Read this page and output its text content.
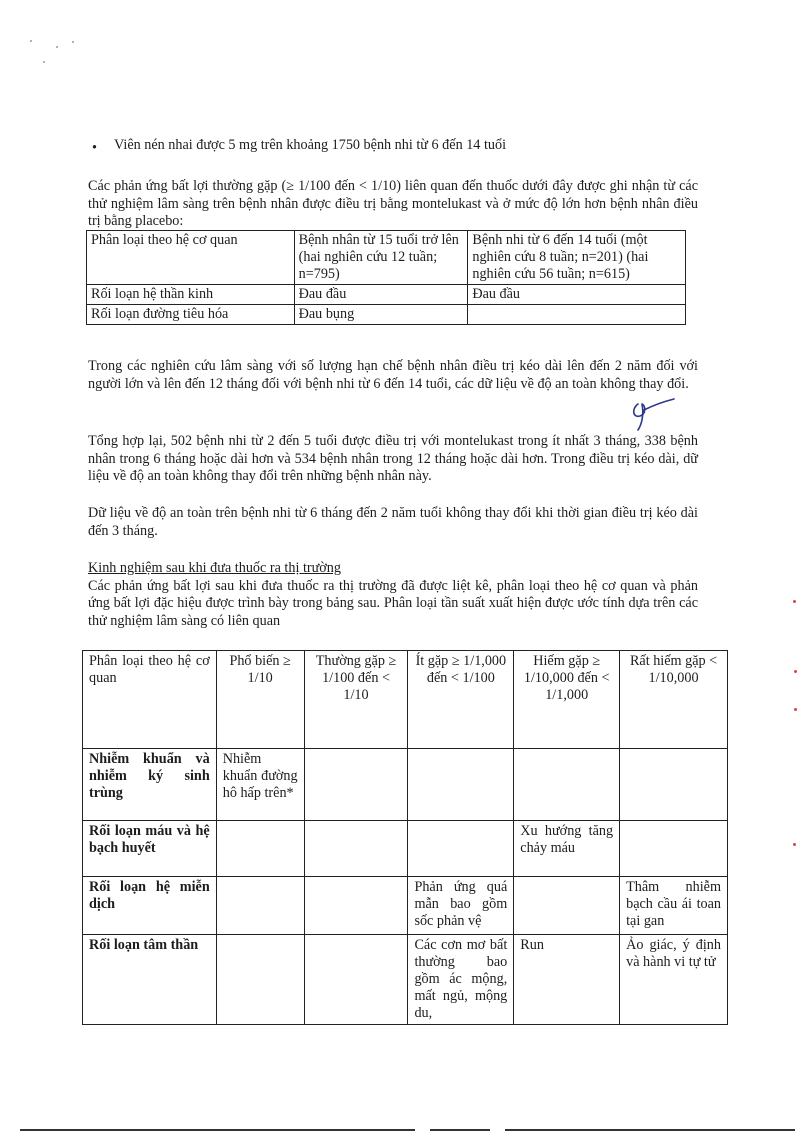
• Viên nén nhai được 5 mg trên khoảng 1750 bệnh nhi từ 6 đến 14 tuổi
Các phản ứng bất lợi thường gặp (≥ 1/100 đến < 1/10) liên quan đến thuốc dưới đây được ghi nhận từ các thử nghiệm lâm sàng trên bệnh nhân được điều trị bằng montelukast và ở mức độ lớn hơn bệnh nhân điều trị bằng placebo:
Phân loại theo hệ cơ quan	Bệnh nhân từ 15 tuổi trở lên (hai nghiên cứu 12 tuần; n=795)	Bệnh nhi từ 6 đến 14 tuổi (một nghiên cứu 8 tuần; n=201) (hai nghiên cứu 56 tuần; n=615)
Rối loạn hệ thần kinh	Đau đầu	Đau đầu
Rối loạn đường tiêu hóa	Đau bụng	
Trong các nghiên cứu lâm sàng với số lượng hạn chế bệnh nhân điều trị kéo dài lên đến 2 năm đối với người lớn và lên đến 12 tháng đối với bệnh nhi từ 6 đến 14 tuổi, các dữ liệu về độ an toàn không thay đổi.
Tổng hợp lại, 502 bệnh nhi từ 2 đến 5 tuổi được điều trị với montelukast trong ít nhất 3 tháng, 338 bệnh nhân trong 6 tháng hoặc dài hơn và 534 bệnh nhân trong 12 tháng hoặc dài hơn. Trong điều trị kéo dài, dữ liệu về độ an toàn không thay đổi trên những bệnh nhân này.
Dữ liệu về độ an toàn trên bệnh nhi từ 6 tháng đến 2 năm tuổi không thay đổi khi thời gian điều trị kéo dài đến 3 tháng.
Kinh nghiệm sau khi đưa thuốc ra thị trường
Các phản ứng bất lợi sau khi đưa thuốc ra thị trường đã được liệt kê, phân loại theo hệ cơ quan và phản ứng bất lợi đặc hiệu được trình bày trong bảng sau. Phân loại tần suất xuất hiện được ước tính dựa trên các thử nghiệm lâm sàng có liên quan
Phân loại theo hệ cơ quan	Phổ biến ≥ 1/10	Thường gặp ≥ 1/100 đến < 1/10	Ít gặp ≥ 1/1,000 đến < 1/100	Hiếm gặp ≥ 1/10,000 đến < 1/1,000	Rất hiếm gặp < 1/10,000
Nhiễm khuẩn và nhiễm ký sinh trùng	Nhiễm khuẩn đường hô hấp trên*				
Rối loạn máu và hệ bạch huyết				Xu hướng tăng chảy máu	
Rối loạn hệ miễn dịch			Phản ứng quá mẫn bao gồm sốc phản vệ		Thâm nhiễm bạch cầu ái toan tại gan
Rối loạn tâm thần			Các cơn mơ bất thường bao gồm ác mộng, mất ngủ, mộng du,	Run	Ảo giác, ý định và hành vi tự tử
